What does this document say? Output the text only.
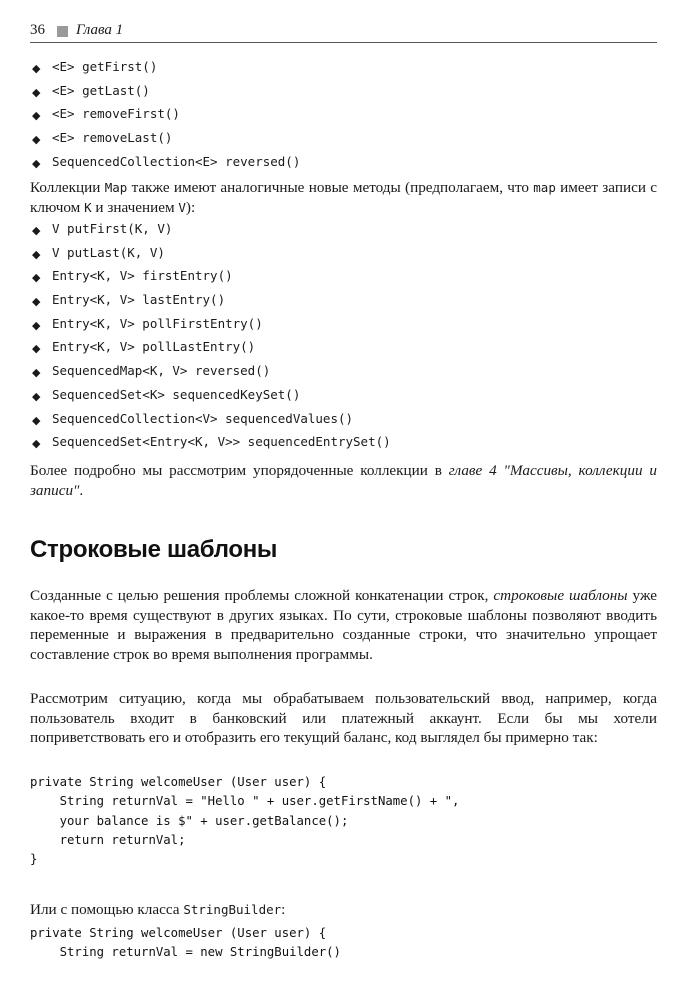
36 Глава 1
◆ <E> getFirst()
◆ <E> getLast()
◆ <E> removeFirst()
◆ <E> removeLast()
◆ SequencedCollection<E> reversed()
Коллекции Map также имеют аналогичные новые методы (предполагаем, что map имеет записи с ключом K и значением V):
◆ V putFirst(K, V)
◆ V putLast(K, V)
◆ Entry<K, V> firstEntry()
◆ Entry<K, V> lastEntry()
◆ Entry<K, V> pollFirstEntry()
◆ Entry<K, V> pollLastEntry()
◆ SequencedMap<K, V> reversed()
◆ SequencedSet<K> sequencedKeySet()
◆ SequencedCollection<V> sequencedValues()
◆ SequencedSet<Entry<K, V>> sequencedEntrySet()
Более подробно мы рассмотрим упорядоченные коллекции в главе 4 "Массивы, коллекции и записи".
Строковые шаблоны
Созданные с целью решения проблемы сложной конкатенации строк, строковые шаблоны уже какое-то время существуют в других языках. По сути, строковые шаблоны позволяют вводить переменные и выражения в предварительно созданные строки, что значительно упрощает составление строк во время выполнения программы.
Рассмотрим ситуацию, когда мы обрабатываем пользовательский ввод, например, когда пользователь входит в банковский или платежный аккаунт. Если бы мы хотели поприветствовать его и отобразить его текущий баланс, код выглядел бы примерно так:
private String welcomeUser (User user) {
String returnVal = "Hello " + user.getFirstName() + ",
your balance is $" + user.getBalance();
return returnVal;
}
Или с помощью класса StringBuilder:
private String welcomeUser (User user) {
String returnVal = new StringBuilder()
